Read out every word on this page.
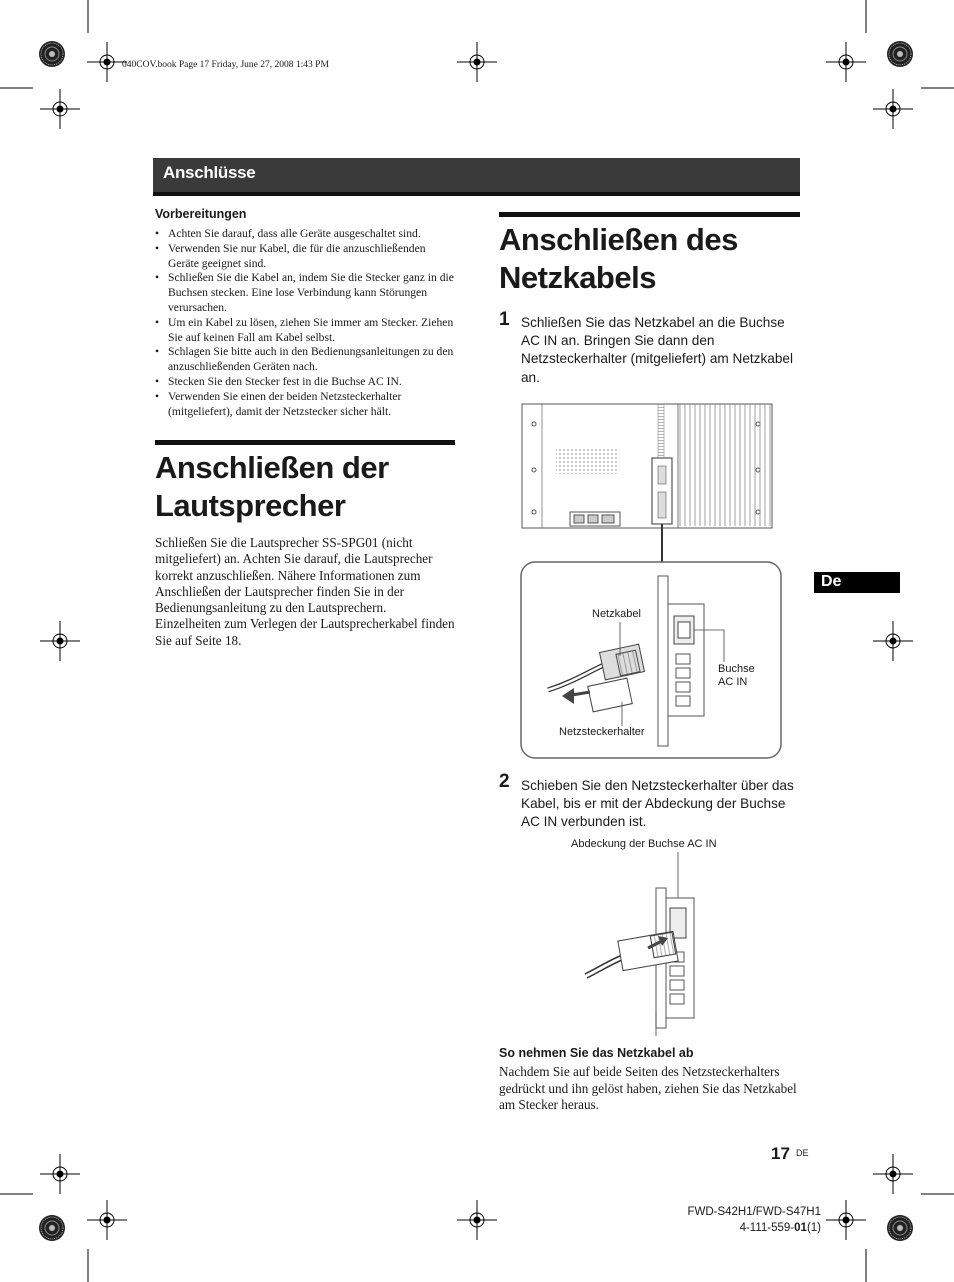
040COV.book Page 17 Friday, June 27, 2008 1:43 PM
Anschlüsse
Vorbereitungen
• Achten Sie darauf, dass alle Geräte ausgeschaltet sind.
• Verwenden Sie nur Kabel, die für die anzuschließenden Geräte geeignet sind.
• Schließen Sie die Kabel an, indem Sie die Stecker ganz in die Buchsen stecken. Eine lose Verbindung kann Störungen verursachen.
• Um ein Kabel zu lösen, ziehen Sie immer am Stecker. Ziehen Sie auf keinen Fall am Kabel selbst.
• Schlagen Sie bitte auch in den Bedienungsanleitungen zu den anzuschließenden Geräten nach.
• Stecken Sie den Stecker fest in die Buchse AC IN.
• Verwenden Sie einen der beiden Netzsteckerhalter (mitgeliefert), damit der Netzstecker sicher hält.
Anschließen der
Lautsprecher
Schließen Sie die Lautsprecher SS-SPG01 (nicht mitgeliefert) an. Achten Sie darauf, die Lautsprecher korrekt anzuschließen. Nähere Informationen zum Anschließen der Lautsprecher finden Sie in der Bedienungsanleitung zu den Lautsprechern. Einzelheiten zum Verlegen der Lautsprecherkabel finden Sie auf Seite 18.
Anschließen des
Netzkabels
1 Schließen Sie das Netzkabel an die Buchse AC IN an. Bringen Sie dann den Netzsteckerhalter (mitgeliefert) am Netzkabel an.
Netzkabel
Buchse
AC IN
Netzsteckerhalter
2 Schieben Sie den Netzsteckerhalter über das Kabel, bis er mit der Abdeckung der Buchse AC IN verbunden ist.
Abdeckung der Buchse AC IN
So nehmen Sie das Netzkabel ab
Nachdem Sie auf beide Seiten des Netzsteckerhalters gedrückt und ihn gelöst haben, ziehen Sie das Netzkabel am Stecker heraus.
De
17 DE
FWD-S42H1/FWD-S47H1
4-111-559-01(1)
